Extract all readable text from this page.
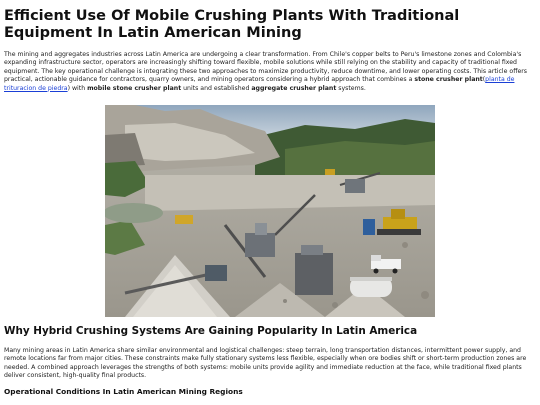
Efficient Use Of Mobile Crushing Plants With Traditional Equipment In Latin American Mining

The mining and aggregates industries across Latin America are undergoing a clear transformation. From Chile's copper belts to Peru's limestone zones and Colombia's expanding infrastructure sector, operators are increasingly shifting toward flexible, mobile solutions while still relying on the stability and capacity of traditional fixed equipment. The key operational challenge is integrating these two approaches to maximize productivity, reduce downtime, and lower operating costs. This article offers practical, actionable guidance for contractors, quarry owners, and mining operators considering a hybrid approach that combines a stone crusher plant(planta de trituracion de piedra) with mobile stone crusher plant units and established aggregate crusher plant systems.

Why Hybrid Crushing Systems Are Gaining Popularity In Latin America

Many mining areas in Latin America share similar environmental and logistical challenges: steep terrain, long transportation distances, intermittent power supply, and remote locations far from major cities. These constraints make fully stationary systems less flexible, especially when ore bodies shift or short-term production zones are needed. A combined approach leverages the strengths of both systems: mobile units provide agility and immediate reduction at the face, while traditional fixed plants deliver consistent, high-quality final products.

Operational Conditions In Latin American Mining Regions
